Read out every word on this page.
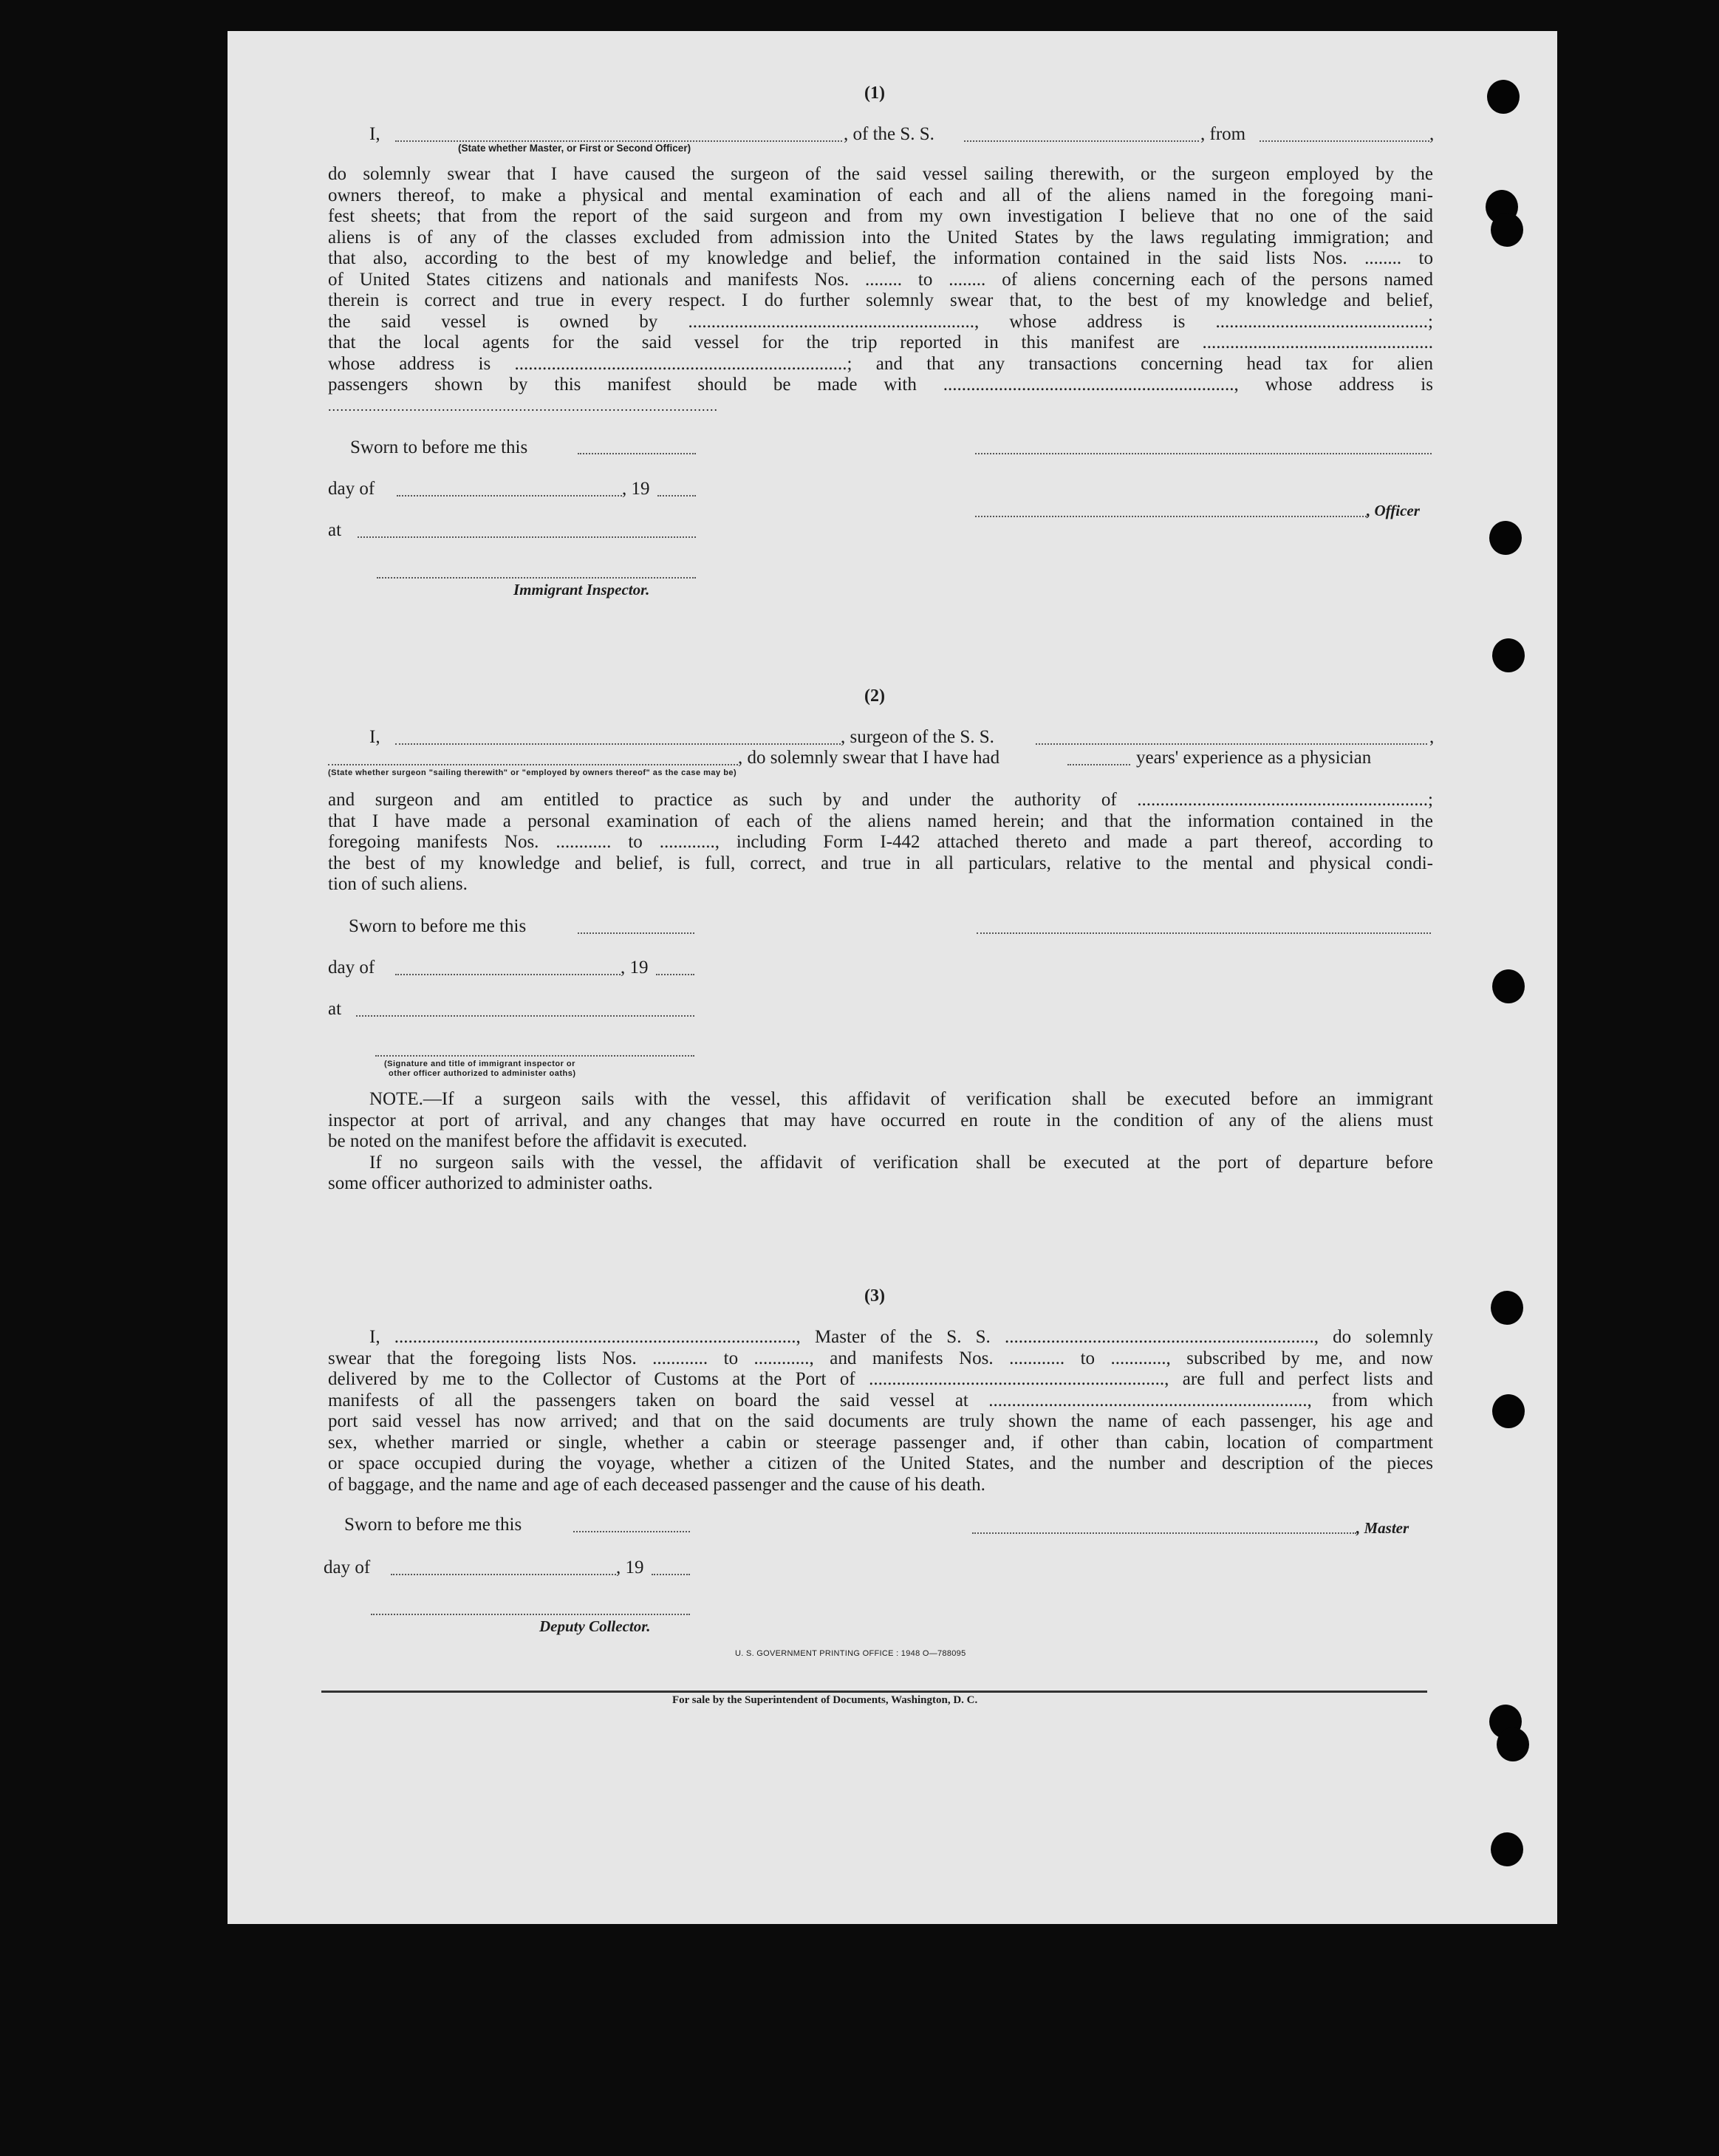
(1)
I,	, of the S. S.	, from	,
(State whether Master, or First or Second Officer)
do solemnly swear that I have caused the surgeon of the said vessel sailing therewith, or the surgeon employed by the
owners thereof, to make a physical and mental examination of each and all of the aliens named in the foregoing mani-
fest sheets; that from the report of the said surgeon and from my own investigation I believe that no one of the said
aliens is of any of the classes excluded from admission into the United States by the laws regulating immigration; and
that also, according to the best of my knowledge and belief, the information contained in the said lists Nos. ........ to
of United States citizens and nationals and manifests Nos. ........ to ........ of aliens concerning each of the persons named
therein is correct and true in every respect. I do further solemnly swear that, to the best of my knowledge and belief,
the said vessel is owned by .............................................................., whose address is ..............................................;
that the local agents for the said vessel for the trip reported in this manifest are ..................................................
whose address is ........................................................................; and that any transactions concerning head tax for alien
passengers shown by this manifest should be made with ..............................................................., whose address is
................................................................................................
Sworn to before me this
day of	, 19
, Officer
at
Immigrant Inspector.
(2)
I,	, surgeon of the S. S.	,
, do solemnly swear that I have had	years' experience as a physician
(State whether surgeon "sailing therewith" or "employed by owners thereof" as the case may be)
and surgeon and am entitled to practice as such by and under the authority of ...............................................................;
that I have made a personal examination of each of the aliens named herein; and that the information contained in the
foregoing manifests Nos. ............ to ............, including Form I-442 attached thereto and made a part thereof, according to
the best of my knowledge and belief, is full, correct, and true in all particulars, relative to the mental and physical condi-
tion of such aliens.
Sworn to before me this
day of	, 19
at
(Signature and title of immigrant inspector or
other officer authorized to administer oaths)
NOTE.—If a surgeon sails with the vessel, this affidavit of verification shall be executed before an immigrant
inspector at port of arrival, and any changes that may have occurred en route in the condition of any of the aliens must
be noted on the manifest before the affidavit is executed.
If no surgeon sails with the vessel, the affidavit of verification shall be executed at the port of departure before
some officer authorized to administer oaths.
(3)
I, ......................................................................................., Master of the S. S. ..................................................................., do solemnly
swear that the foregoing lists Nos. ............ to ............, and manifests Nos. ............ to ............, subscribed by me, and now
delivered by me to the Collector of Customs at the Port of ................................................................, are full and perfect lists and
manifests of all the passengers taken on board the said vessel at ....................................................................., from which
port said vessel has now arrived; and that on the said documents are truly shown the name of each passenger, his age and
sex, whether married or single, whether a cabin or steerage passenger and, if other than cabin, location of compartment
or space occupied during the voyage, whether a citizen of the United States, and the number and description of the pieces
of baggage, and the name and age of each deceased passenger and the cause of his death.
Sworn to before me this	, Master
day of	, 19
Deputy Collector.
U. S. GOVERNMENT PRINTING OFFICE : 1948 O—788095
For sale by the Superintendent of Documents, Washington, D. C.
